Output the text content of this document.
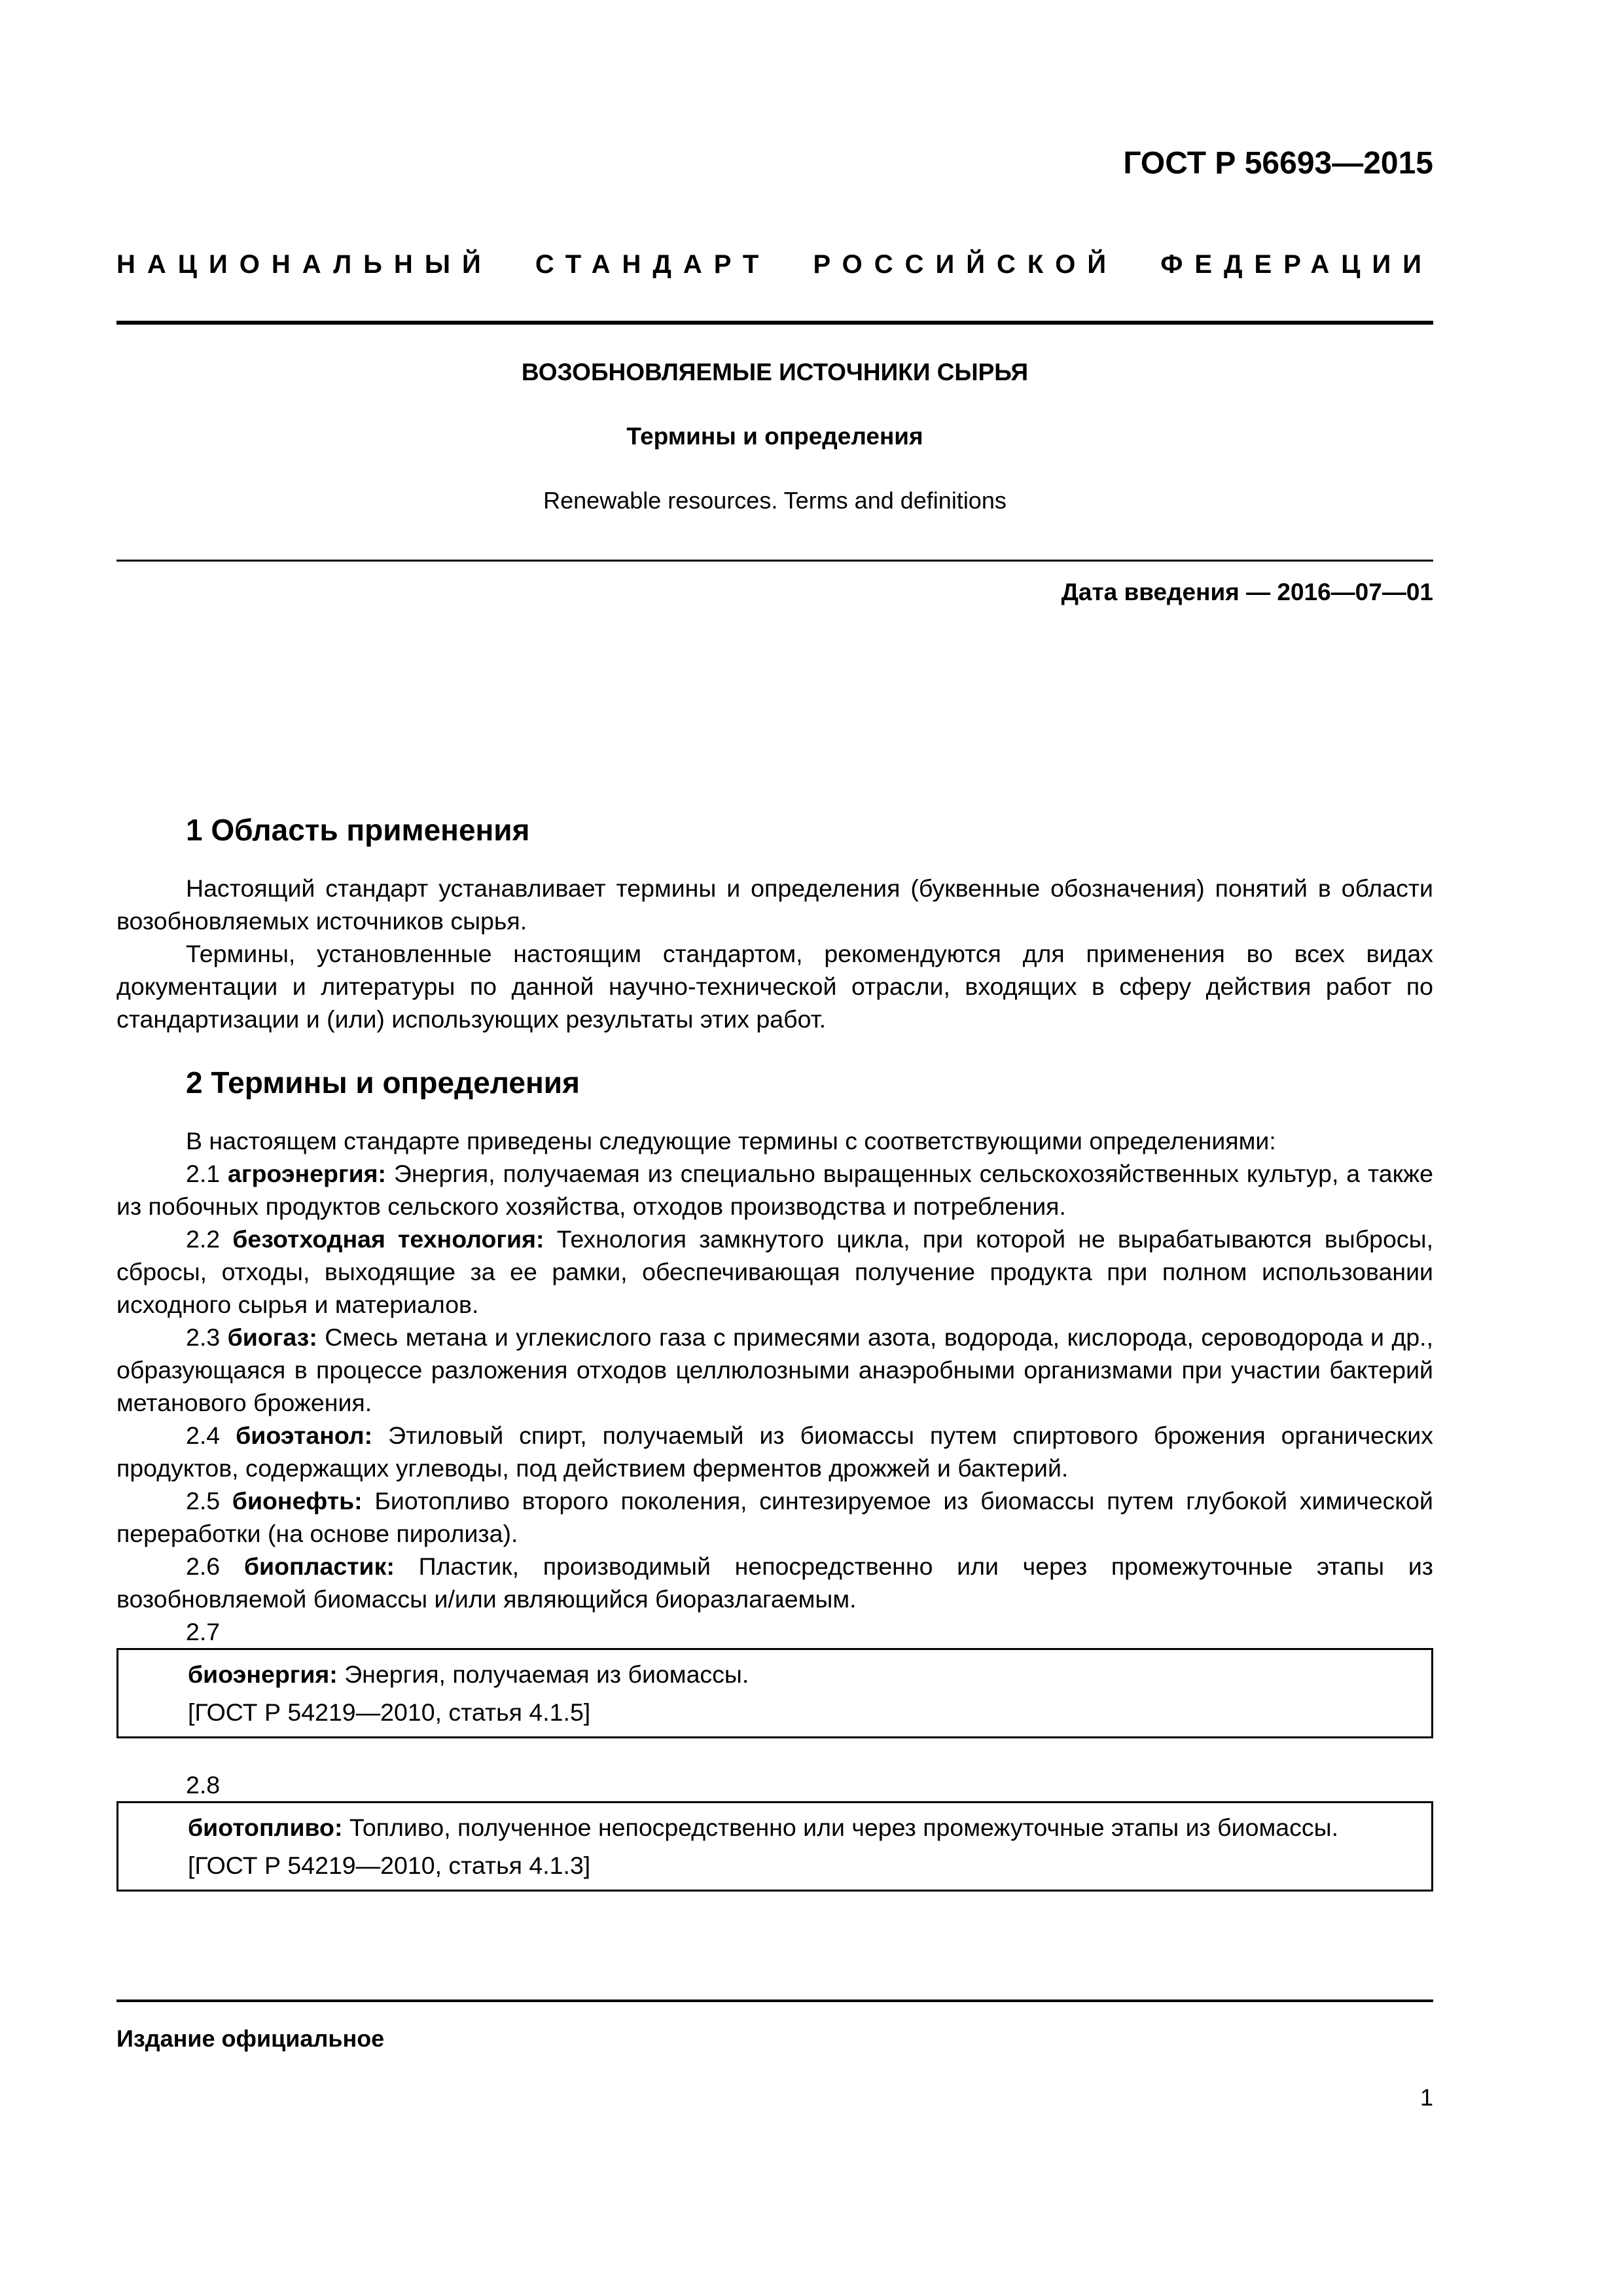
ГОСТ Р 56693—2015
НАЦИОНАЛЬНЫЙ СТАНДАРТ РОССИЙСКОЙ ФЕДЕРАЦИИ
ВОЗОБНОВЛЯЕМЫЕ ИСТОЧНИКИ СЫРЬЯ
Термины и определения
Renewable resources. Terms and definitions
Дата введения — 2016—07—01
1 Область применения

Настоящий стандарт устанавливает термины и определения (буквенные обозначения) понятий в области возобновляемых источников сырья.

Термины, установленные настоящим стандартом, рекомендуются для применения во всех видах документации и литературы по данной научно-технической отрасли, входящих в сферу действия работ по стандартизации и (или) использующих результаты этих работ.

2 Термины и определения

В настоящем стандарте приведены следующие термины с соответствующими определениями:

2.1 агроэнергия: Энергия, получаемая из специально выращенных сельскохозяйственных культур, а также из побочных продуктов сельского хозяйства, отходов производства и потребления.

2.2 безотходная технология: Технология замкнутого цикла, при которой не вырабатываются выбросы, сбросы, отходы, выходящие за ее рамки, обеспечивающая получение продукта при полном использовании исходного сырья и материалов.

2.3 биогаз: Смесь метана и углекислого газа с примесями азота, водорода, кислорода, сероводорода и др., образующаяся в процессе разложения отходов целлюлозными анаэробными организмами при участии бактерий метанового брожения.

2.4 биоэтанол: Этиловый спирт, получаемый из биомассы путем спиртового брожения органических продуктов, содержащих углеводы, под действием ферментов дрожжей и бактерий.

2.5 бионефть: Биотопливо второго поколения, синтезируемое из биомассы путем глубокой химической переработки (на основе пиролиза).

2.6 биопластик: Пластик, производимый непосредственно или через промежуточные этапы из возобновляемой биомассы и/или являющийся биоразлагаемым.

2.7

биоэнергия: Энергия, получаемая из биомассы.

[ГОСТ Р 54219—2010, статья 4.1.5]

2.8

биотопливо: Топливо, полученное непосредственно или через промежуточные этапы из биомассы.

[ГОСТ Р 54219—2010, статья 4.1.3]

Издание официальное
1
